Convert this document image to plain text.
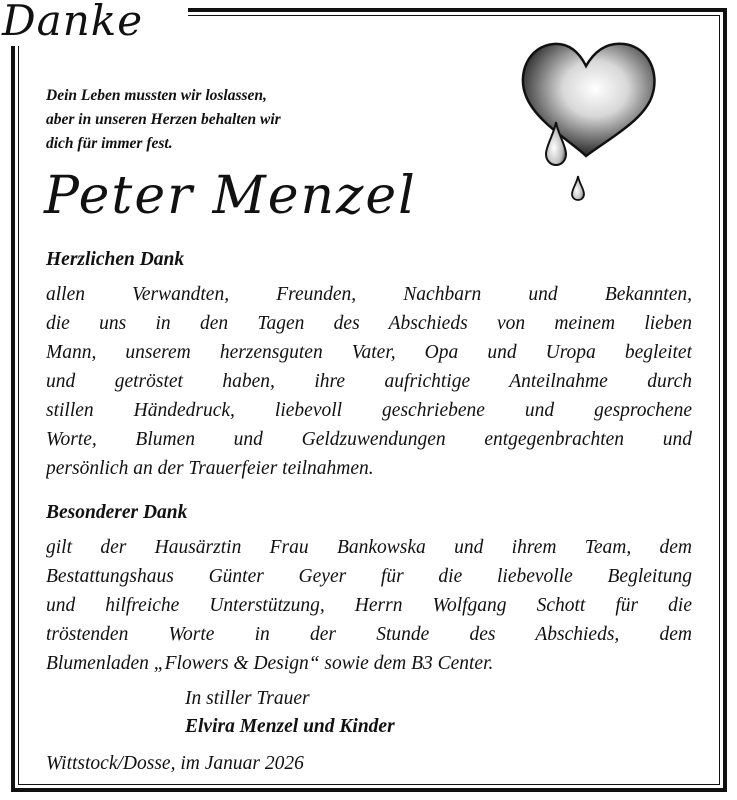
Danke
Dein Leben mussten wir loslassen,
aber in unseren Herzen behalten wir
dich für immer fest.
Peter Menzel
Herzlichen Dank
allen Verwandten, Freunden, Nachbarn und Bekannten,
die uns in den Tagen des Abschieds von meinem lieben
Mann, unserem herzensguten Vater, Opa und Uropa begleitet
und getröstet haben, ihre aufrichtige Anteilnahme durch
stillen Händedruck, liebevoll geschriebene und gesprochene
Worte, Blumen und Geldzuwendungen entgegenbrachten und
persönlich an der Trauerfeier teilnahmen.
Besonderer Dank
gilt der Hausärztin Frau Bankowska und ihrem Team, dem
Bestattungshaus Günter Geyer für die liebevolle Begleitung
und hilfreiche Unterstützung, Herrn Wolfgang Schott für die
tröstenden Worte in der Stunde des Abschieds, dem
Blumenladen „Flowers & Design“ sowie dem B3 Center.
In stiller Trauer
Elvira Menzel und Kinder
Wittstock/Dosse, im Januar 2026
